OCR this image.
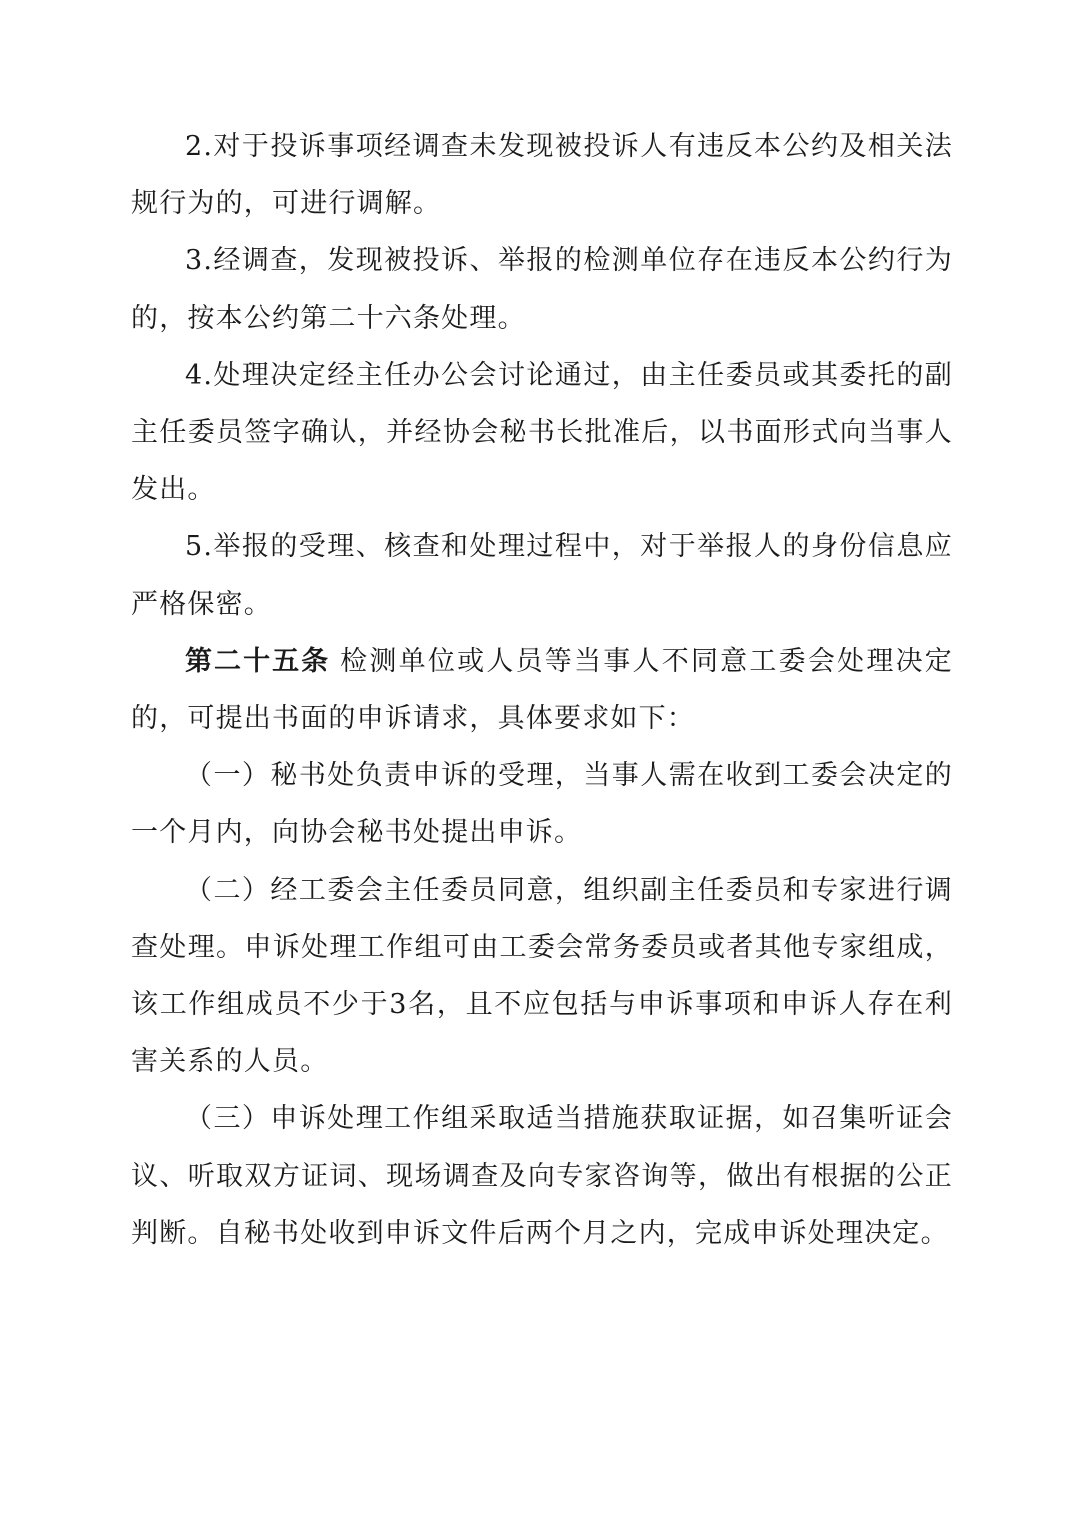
2.对于投诉事项经调查未发现被投诉人有违反本公约及相关法规行为的，可进行调解。

3.经调查，发现被投诉、举报的检测单位存在违反本公约行为的，按本公约第二十六条处理。

4.处理决定经主任办公会讨论通过，由主任委员或其委托的副主任委员签字确认，并经协会秘书长批准后，以书面形式向当事人发出。

5.举报的受理、核查和处理过程中，对于举报人的身份信息应严格保密。

第二十五条 检测单位或人员等当事人不同意工委会处理决定的，可提出书面的申诉请求，具体要求如下：

（一）秘书处负责申诉的受理，当事人需在收到工委会决定的一个月内，向协会秘书处提出申诉。

（二）经工委会主任委员同意，组织副主任委员和专家进行调查处理。申诉处理工作组可由工委会常务委员或者其他专家组成，该工作组成员不少于3名，且不应包括与申诉事项和申诉人存在利害关系的人员。

（三）申诉处理工作组采取适当措施获取证据，如召集听证会议、听取双方证词、现场调查及向专家咨询等，做出有根据的公正判断。自秘书处收到申诉文件后两个月之内，完成申诉处理决定。
